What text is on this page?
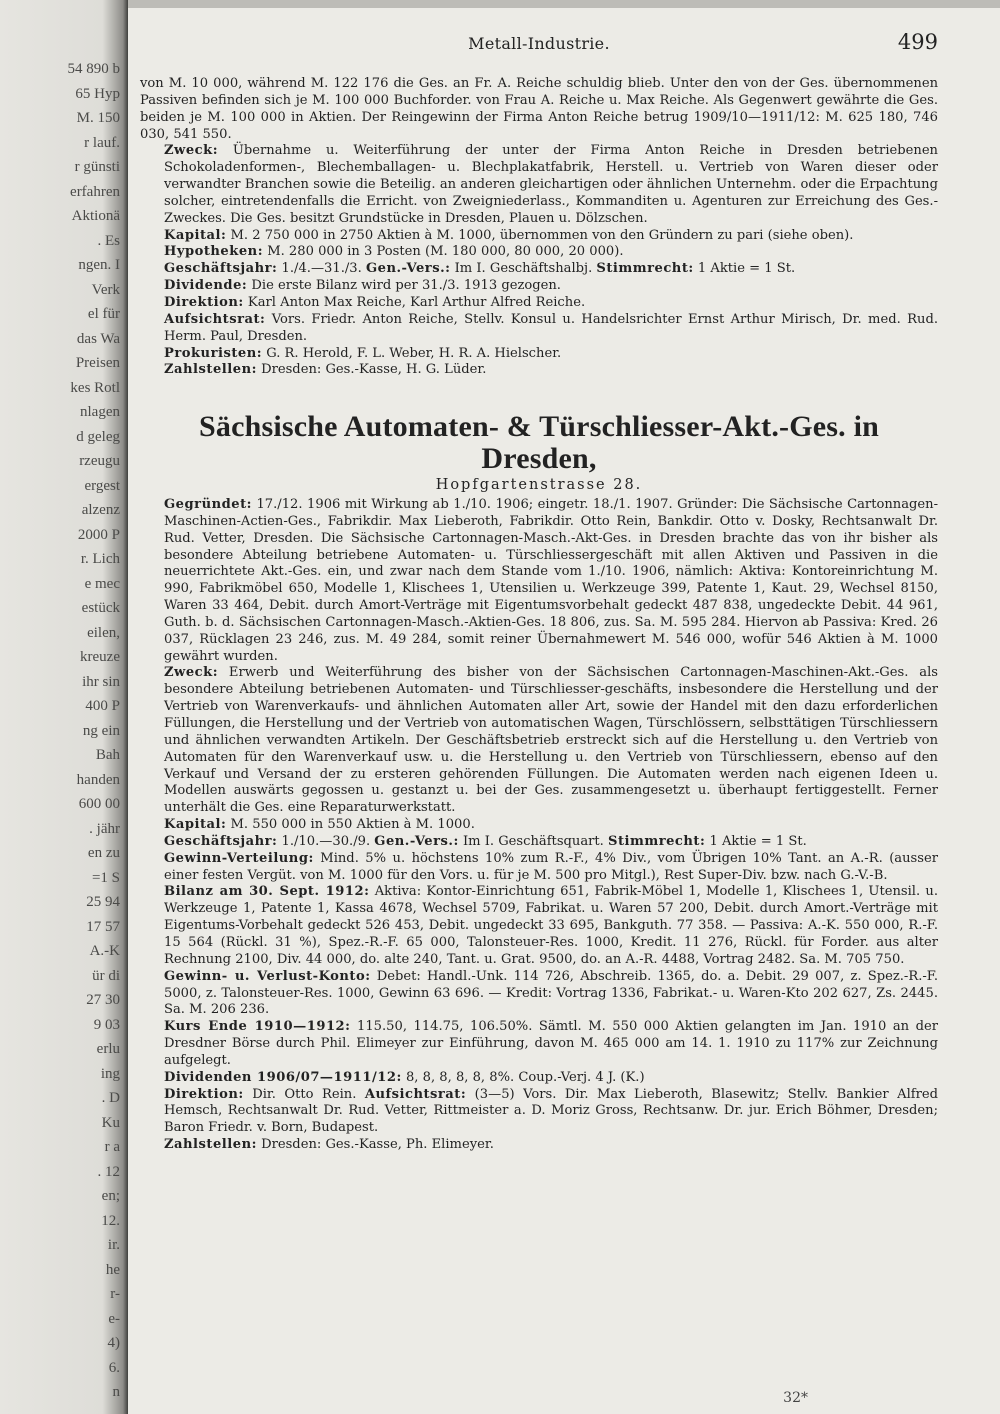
54 890 b
65 Hyp
M. 150
r lauf.
r günsti
erfahren
Aktionä
. Es
ngen. I
Verk
el für
das Wa
Preisen
kes Rotl
nlagen
d geleg
rzeugu
ergest
alzenz
2000 P
r. Lich
e mec
estück
eilen,
kreuze
ihr sin
400 P
ng ein
Bah
handen
600 00
. jähr
en zu
=1 S
25 94
17 57
A.-K
ür di
27 30
9 03
erlu
ing
. D
Ku
r a
. 12
en;
12.
ir.
he
r-
e-
4)
6.
n
Metall-Industrie.	499

von M. 10 000, während M. 122 176 die Ges. an Fr. A. Reiche schuldig blieb. Unter den von der Ges. übernommenen Passiven befinden sich je M. 100 000 Buchforder. von Frau A. Reiche u. Max Reiche. Als Gegenwert gewährte die Ges. beiden je M. 100 000 in Aktien. Der Reingewinn der Firma Anton Reiche betrug 1909/10—1911/12: M. 625 180, 746 030, 541 550.

Zweck: Übernahme u. Weiterführung der unter der Firma Anton Reiche in Dresden betriebenen Schokoladenformen-, Blechemballagen- u. Blechplakatfabrik, Herstell. u. Vertrieb von Waren dieser oder verwandter Branchen sowie die Beteilig. an anderen gleichartigen oder ähnlichen Unternehm. oder die Erpachtung solcher, eintretendenfalls die Erricht. von Zweigniederlass., Kommanditen u. Agenturen zur Erreichung des Ges.-Zweckes. Die Ges. besitzt Grundstücke in Dresden, Plauen u. Dölzschen.

Kapital: M. 2 750 000 in 2750 Aktien à M. 1000, übernommen von den Gründern zu pari (siehe oben).

Hypotheken: M. 280 000 in 3 Posten (M. 180 000, 80 000, 20 000).

Geschäftsjahr: 1./4.—31./3. Gen.-Vers.: Im I. Geschäftshalbj. Stimmrecht: 1 Aktie = 1 St.

Dividende: Die erste Bilanz wird per 31./3. 1913 gezogen.

Direktion: Karl Anton Max Reiche, Karl Arthur Alfred Reiche.

Aufsichtsrat: Vors. Friedr. Anton Reiche, Stellv. Konsul u. Handelsrichter Ernst Arthur Mirisch, Dr. med. Rud. Herm. Paul, Dresden.

Prokuristen: G. R. Herold, F. L. Weber, H. R. A. Hielscher.

Zahlstellen: Dresden: Ges.-Kasse, H. G. Lüder.

Sächsische Automaten- & Türschliesser-Akt.-Ges. in Dresden,
Hopfgartenstrasse 28.

Gegründet: 17./12. 1906 mit Wirkung ab 1./10. 1906; eingetr. 18./1. 1907. Gründer: Die Sächsische Cartonnagen-Maschinen-Actien-Ges., Fabrikdir. Max Lieberoth, Fabrikdir. Otto Rein, Bankdir. Otto v. Dosky, Rechtsanwalt Dr. Rud. Vetter, Dresden. Die Sächsische Cartonnagen-Masch.-Akt-Ges. in Dresden brachte das von ihr bisher als besondere Abteilung betriebene Automaten- u. Türschliessergeschäft mit allen Aktiven und Passiven in die neuerrichtete Akt.-Ges. ein, und zwar nach dem Stande vom 1./10. 1906, nämlich: Aktiva: Kontoreinrichtung M. 990, Fabrikmöbel 650, Modelle 1, Klischees 1, Utensilien u. Werkzeuge 399, Patente 1, Kaut. 29, Wechsel 8150, Waren 33 464, Debit. durch Amort-Verträge mit Eigentumsvorbehalt gedeckt 487 838, ungedeckte Debit. 44 961, Guth. b. d. Sächsischen Cartonnagen-Masch.-Aktien-Ges. 18 806, zus. Sa. M. 595 284. Hiervon ab Passiva: Kred. 26 037, Rücklagen 23 246, zus. M. 49 284, somit reiner Übernahmewert M. 546 000, wofür 546 Aktien à M. 1000 gewährt wurden.

Zweck: Erwerb und Weiterführung des bisher von der Sächsischen Cartonnagen-Maschinen-Akt.-Ges. als besondere Abteilung betriebenen Automaten- und Türschliesser-geschäfts, insbesondere die Herstellung und der Vertrieb von Warenverkaufs- und ähnlichen Automaten aller Art, sowie der Handel mit den dazu erforderlichen Füllungen, die Herstellung und der Vertrieb von automatischen Wagen, Türschlössern, selbsttätigen Türschliessern und ähnlichen verwandten Artikeln. Der Geschäftsbetrieb erstreckt sich auf die Herstellung u. den Vertrieb von Automaten für den Warenverkauf usw. u. die Herstellung u. den Vertrieb von Türschliessern, ebenso auf den Verkauf und Versand der zu ersteren gehörenden Füllungen. Die Automaten werden nach eigenen Ideen u. Modellen auswärts gegossen u. gestanzt u. bei der Ges. zusammengesetzt u. überhaupt fertiggestellt. Ferner unterhält die Ges. eine Reparaturwerkstatt.

Kapital: M. 550 000 in 550 Aktien à M. 1000.

Geschäftsjahr: 1./10.—30./9. Gen.-Vers.: Im I. Geschäftsquart. Stimmrecht: 1 Aktie = 1 St.

Gewinn-Verteilung: Mind. 5% u. höchstens 10% zum R.-F., 4% Div., vom Übrigen 10% Tant. an A.-R. (ausser einer festen Vergüt. von M. 1000 für den Vors. u. für je M. 500 pro Mitgl.), Rest Super-Div. bzw. nach G.-V.-B.

Bilanz am 30. Sept. 1912: Aktiva: Kontor-Einrichtung 651, Fabrik-Möbel 1, Modelle 1, Klischees 1, Utensil. u. Werkzeuge 1, Patente 1, Kassa 4678, Wechsel 5709, Fabrikat. u. Waren 57 200, Debit. durch Amort.-Verträge mit Eigentums-Vorbehalt gedeckt 526 453, Debit. ungedeckt 33 695, Bankguth. 77 358. — Passiva: A.-K. 550 000, R.-F. 15 564 (Rückl. 31 %), Spez.-R.-F. 65 000, Talonsteuer-Res. 1000, Kredit. 11 276, Rückl. für Forder. aus alter Rechnung 2100, Div. 44 000, do. alte 240, Tant. u. Grat. 9500, do. an A.-R. 4488, Vortrag 2482. Sa. M. 705 750.

Gewinn- u. Verlust-Konto: Debet: Handl.-Unk. 114 726, Abschreib. 1365, do. a. Debit. 29 007, z. Spez.-R.-F. 5000, z. Talonsteuer-Res. 1000, Gewinn 63 696. — Kredit: Vortrag 1336, Fabrikat.- u. Waren-Kto 202 627, Zs. 2445. Sa. M. 206 236.

Kurs Ende 1910—1912: 115.50, 114.75, 106.50%. Sämtl. M. 550 000 Aktien gelangten im Jan. 1910 an der Dresdner Börse durch Phil. Elimeyer zur Einführung, davon M. 465 000 am 14. 1. 1910 zu 117% zur Zeichnung aufgelegt.

Dividenden 1906/07—1911/12: 8, 8, 8, 8, 8, 8%. Coup.-Verj. 4 J. (K.)

Direktion: Dir. Otto Rein. Aufsichtsrat: (3—5) Vors. Dir. Max Lieberoth, Blasewitz; Stellv. Bankier Alfred Hemsch, Rechtsanwalt Dr. Rud. Vetter, Rittmeister a. D. Moriz Gross, Rechtsanw. Dr. jur. Erich Böhmer, Dresden; Baron Friedr. v. Born, Budapest.

Zahlstellen: Dresden: Ges.-Kasse, Ph. Elimeyer.

32*
